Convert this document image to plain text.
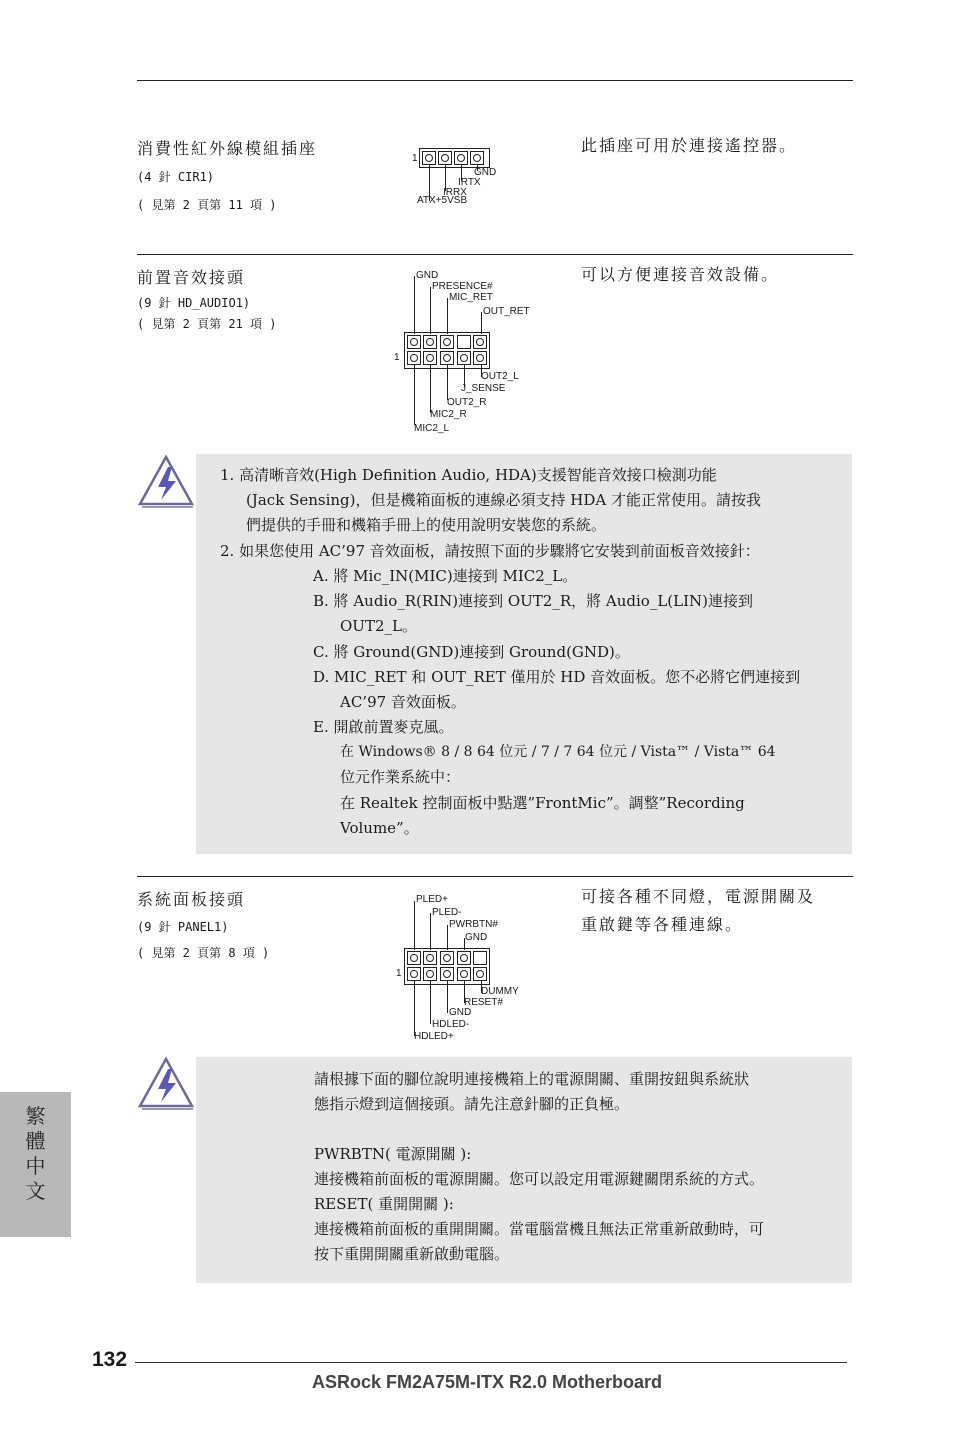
消費性紅外線模組插座
(4 針 CIR1)
( 見第 2 頁第 11 項 )
此插座可用於連接遙控器。
1
GND
IRTX
IRRX
ATX+5VSB
前置音效接頭
(9 針 HD_AUDIO1)
( 見第 2 頁第 21 項 )
可以方便連接音效設備。
GND
PRESENCE#
MIC_RET
OUT_RET
1
OUT2_L
J_SENSE
OUT2_R
MIC2_R
MIC2_L
1. 高清晰音效(High Definition Audio, HDA)支援智能音效接口檢測功能
(Jack Sensing)，但是機箱面板的連線必須支持 HDA 才能正常使用。請按我
們提供的手冊和機箱手冊上的使用說明安裝您的系統。
2. 如果您使用 AC’97 音效面板，請按照下面的步驟將它安裝到前面板音效接針：
A. 將 Mic_IN(MIC)連接到 MIC2_L。
B. 將 Audio_R(RIN)連接到 OUT2_R，將 Audio_L(LIN)連接到
OUT2_L。
C. 將 Ground(GND)連接到 Ground(GND)。
D. MIC_RET 和 OUT_RET 僅用於 HD 音效面板。您不必將它們連接到
AC’97 音效面板。
E. 開啟前置麥克風。
在 Windows® 8 / 8 64 位元 / 7 / 7 64 位元 / Vista™ / Vista™ 64
位元作業系統中：
在 Realtek 控制面板中點選”FrontMic”。調整”Recording
Volume”。
系統面板接頭
(9 針 PANEL1)
( 見第 2 頁第 8 項 )
可接各種不同燈，電源開關及
重啟鍵等各種連線。
PLED+
PLED-
PWRBTN#
GND
1
DUMMY
RESET#
GND
HDLED-
HDLED+
請根據下面的腳位說明連接機箱上的電源開關、重開按鈕與系統狀
態指示燈到這個接頭。請先注意針腳的正負極。
PWRBTN( 電源開關 ):
連接機箱前面板的電源開關。您可以設定用電源鍵關閉系統的方式。
RESET( 重開開關 ):
連接機箱前面板的重開開關。當電腦當機且無法正常重新啟動時，可
按下重開開關重新啟動電腦。
繁
體
中
文
132
ASRock FM2A75M-ITX R2.0 Motherboard
